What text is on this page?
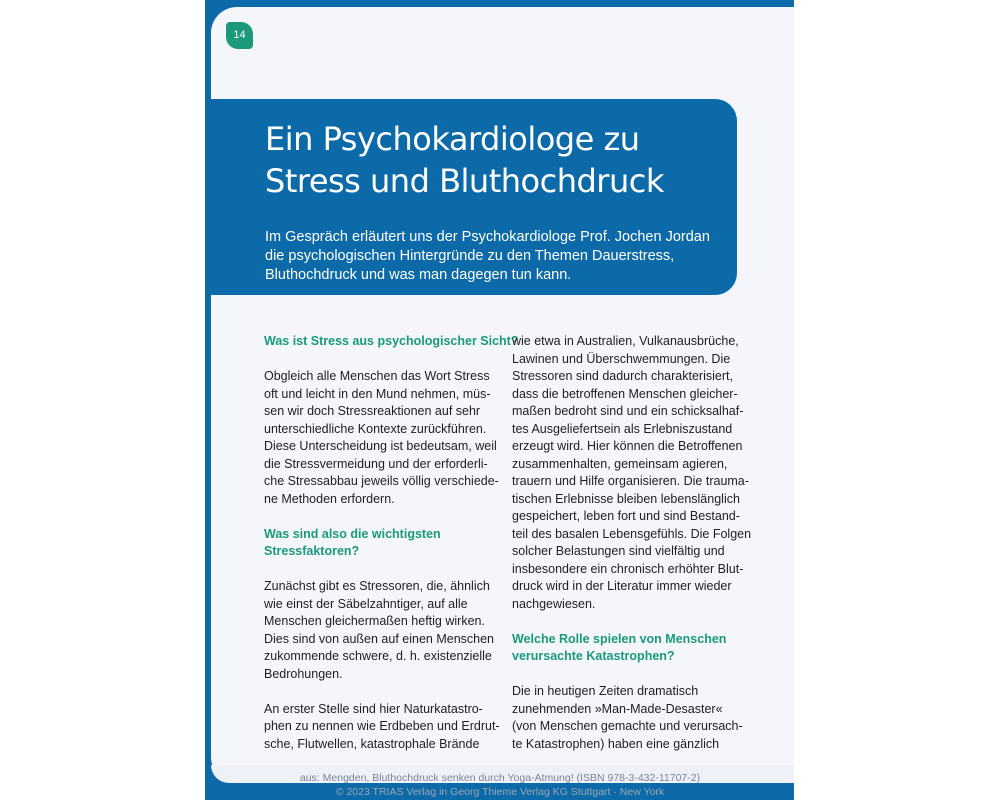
14
Ein Psychokardiologe zu
Stress und Bluthochdruck

Im Gespräch erläutert uns der Psychokardiologe Prof. Jochen Jordan
die psychologischen Hintergründe zu den Themen Dauerstress,
Bluthochdruck und was man dagegen tun kann.

Was ist Stress aus psychologischer Sicht?

Obgleich alle Menschen das Wort Stress
oft und leicht in den Mund nehmen, müs-
sen wir doch Stressreaktionen auf sehr
unterschiedliche Kontexte zurückführen.
Diese Unterscheidung ist bedeutsam, weil
die Stressvermeidung und der erforderli-
che Stressabbau jeweils völlig verschiede-
ne Methoden erfordern.

Was sind also die wichtigsten
Stressfaktoren?

Zunächst gibt es Stressoren, die, ähnlich
wie einst der Säbelzahntiger, auf alle
Menschen gleichermaßen heftig wirken.
Dies sind von außen auf einen Menschen
zukommende schwere, d. h. existenzielle
Bedrohungen.

An erster Stelle sind hier Naturkatastro-
phen zu nennen wie Erdbeben und Erdrut-
sche, Flutwellen, katastrophale Brände

wie etwa in Australien, Vulkanausbrüche,
Lawinen und Überschwemmungen. Die
Stressoren sind dadurch charakterisiert,
dass die betroffenen Menschen gleicher-
maßen bedroht sind und ein schicksalhaf-
tes Ausgeliefertsein als Erlebniszustand
erzeugt wird. Hier können die Betroffenen
zusammenhalten, gemeinsam agieren,
trauern und Hilfe organisieren. Die trauma-
tischen Erlebnisse bleiben lebenslänglich
gespeichert, leben fort und sind Bestand-
teil des basalen Lebensgefühls. Die Folgen
solcher Belastungen sind vielfältig und
insbesondere ein chronisch erhöhter Blut-
druck wird in der Literatur immer wieder
nachgewiesen.

Welche Rolle spielen von Menschen
verursachte Katastrophen?

Die in heutigen Zeiten dramatisch
zunehmenden »Man-Made-Desaster«
(von Menschen gemachte und verursach-
te Katastrophen) haben eine gänzlich

aus: Mengden, Bluthochdruck senken durch Yoga-Atmung! (ISBN 978-3-432-11707-2)
© 2023 TRIAS Verlag in Georg Thieme Verlag KG Stuttgart · New York
